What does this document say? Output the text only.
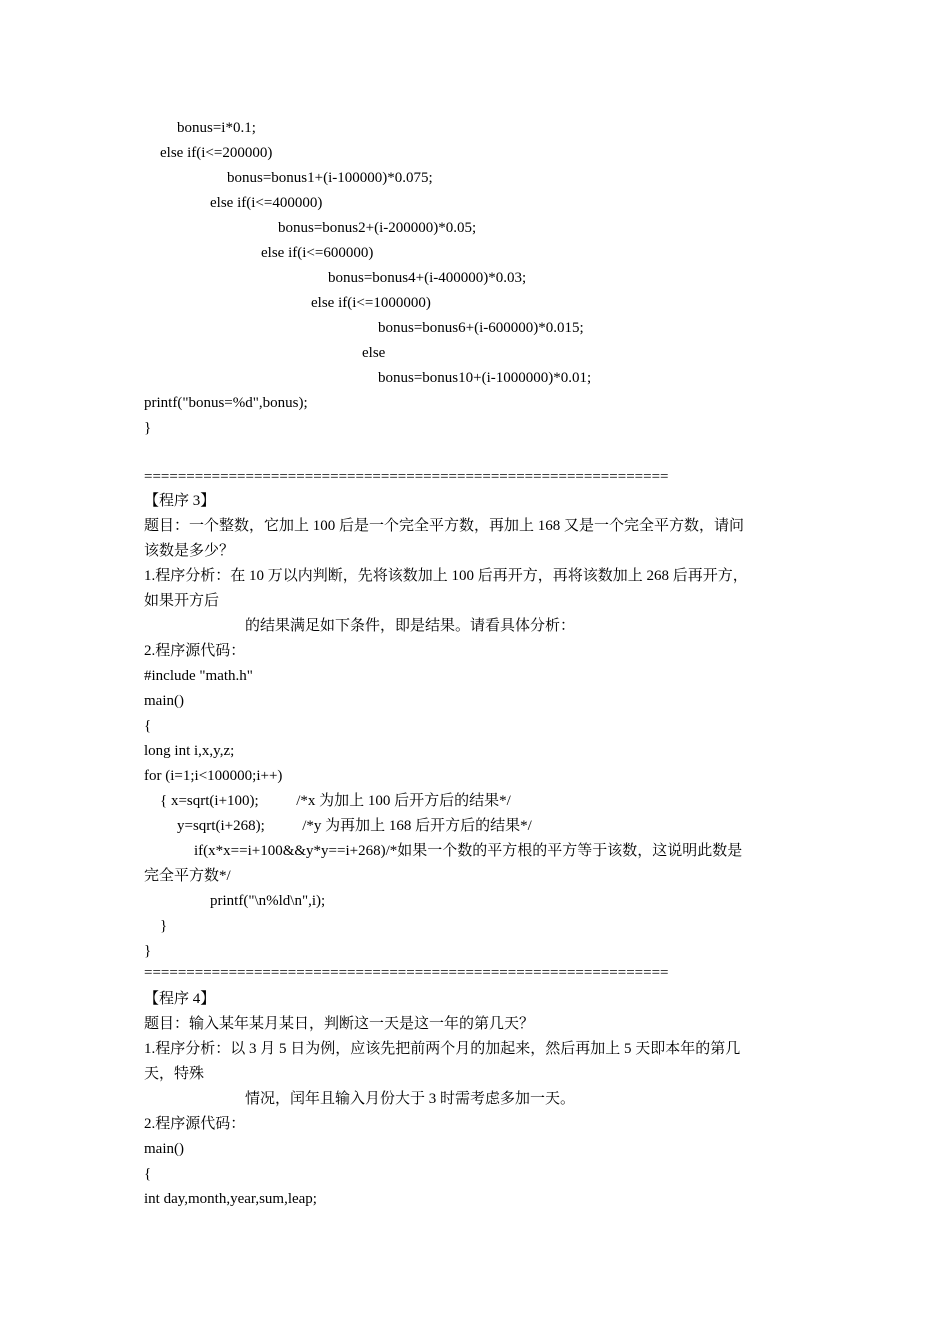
bonus=i*0.1;
else if(i<=200000)
bonus=bonus1+(i-100000)*0.075;
else if(i<=400000)
bonus=bonus2+(i-200000)*0.05;
else if(i<=600000)
bonus=bonus4+(i-400000)*0.03;
else if(i<=1000000)
bonus=bonus6+(i-600000)*0.015;
else
bonus=bonus10+(i-1000000)*0.01;
printf("bonus=%d",bonus);
}
==============================================================
【程序 3】
题目：一个整数，它加上 100 后是一个完全平方数，再加上 168 又是一个完全平方数，请问
该数是多少？
1.程序分析：在 10 万以内判断，先将该数加上 100 后再开方，再将该数加上 268 后再开方，
如果开方后
的结果满足如下条件，即是结果。请看具体分析：
2.程序源代码：
#include "math.h"
main()
{
long int i,x,y,z;
for (i=1;i<100000;i++)
{ x=sqrt(i+100);          /*x 为加上 100 后开方后的结果*/
y=sqrt(i+268);          /*y 为再加上 168 后开方后的结果*/
if(x*x==i+100&&y*y==i+268)/*如果一个数的平方根的平方等于该数，这说明此数是
完全平方数*/
printf("\n%ld\n",i);
}
}
==============================================================
【程序 4】
题目：输入某年某月某日，判断这一天是这一年的第几天？
1.程序分析：以 3 月 5 日为例，应该先把前两个月的加起来，然后再加上 5 天即本年的第几
天，特殊
情况，闰年且输入月份大于 3 时需考虑多加一天。
2.程序源代码：
main()
{
int day,month,year,sum,leap;
